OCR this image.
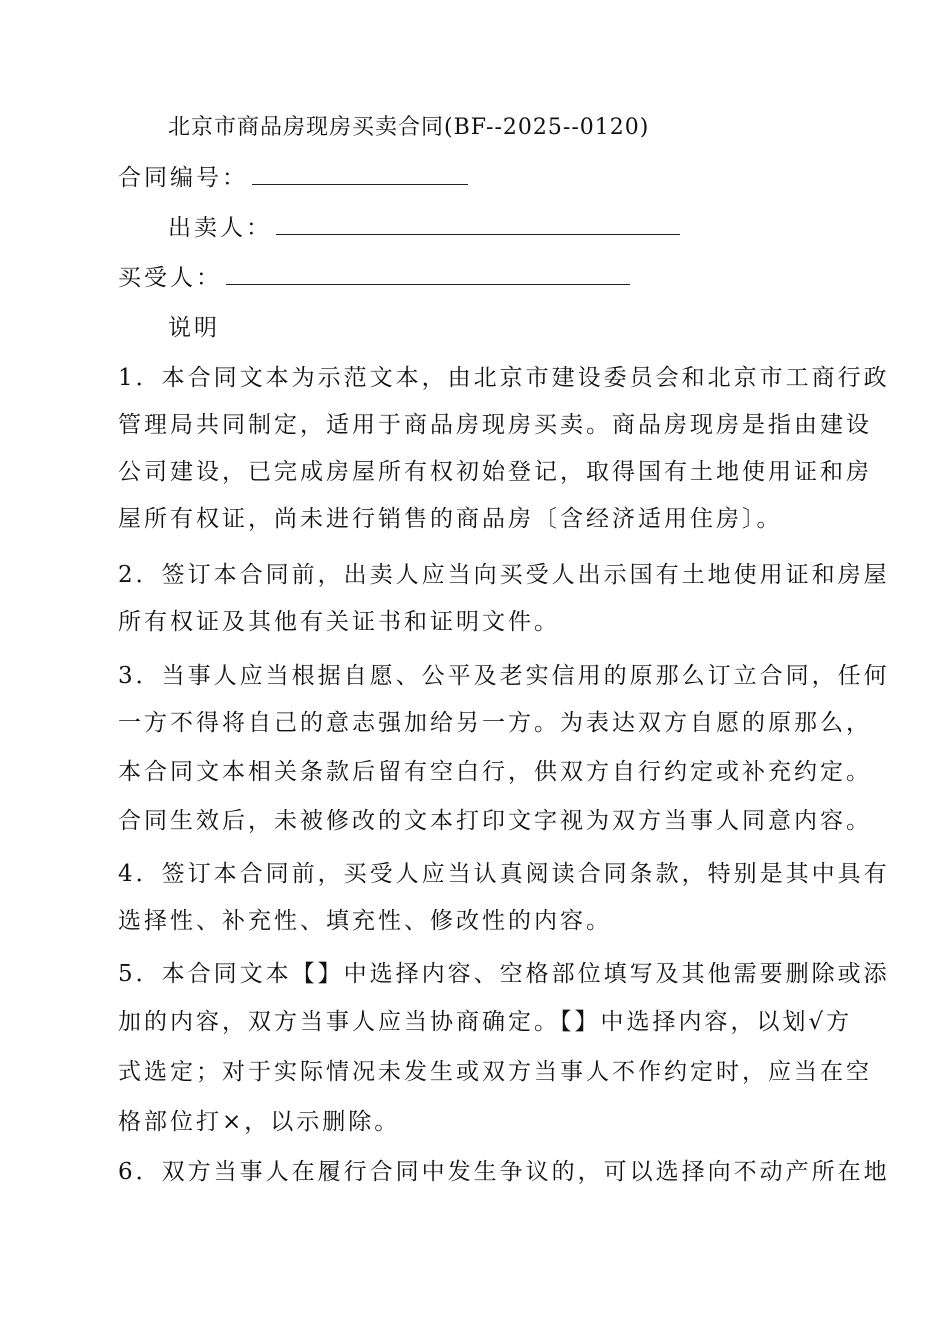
北京市商品房现房买卖合同(BF--2025--0120)
合同编号：
出卖人：
买受人：
说明
1．本合同文本为示范文本，由北京市建设委员会和北京市工商行政
管理局共同制定，适用于商品房现房买卖。商品房现房是指由建设
公司建设，已完成房屋所有权初始登记，取得国有土地使用证和房
屋所有权证，尚未进行销售的商品房〔含经济适用住房〕。
2．签订本合同前，出卖人应当向买受人出示国有土地使用证和房屋
所有权证及其他有关证书和证明文件。
3．当事人应当根据自愿、公平及老实信用的原那么订立合同，任何
一方不得将自己的意志强加给另一方。为表达双方自愿的原那么，
本合同文本相关条款后留有空白行，供双方自行约定或补充约定。
合同生效后，未被修改的文本打印文字视为双方当事人同意内容。
4．签订本合同前，买受人应当认真阅读合同条款，特别是其中具有
选择性、补充性、填充性、修改性的内容。
5．本合同文本【】中选择内容、空格部位填写及其他需要删除或添
加的内容，双方当事人应当协商确定。【】中选择内容，以划√方
式选定；对于实际情况未发生或双方当事人不作约定时，应当在空
格部位打×，以示删除。
6．双方当事人在履行合同中发生争议的，可以选择向不动产所在地
